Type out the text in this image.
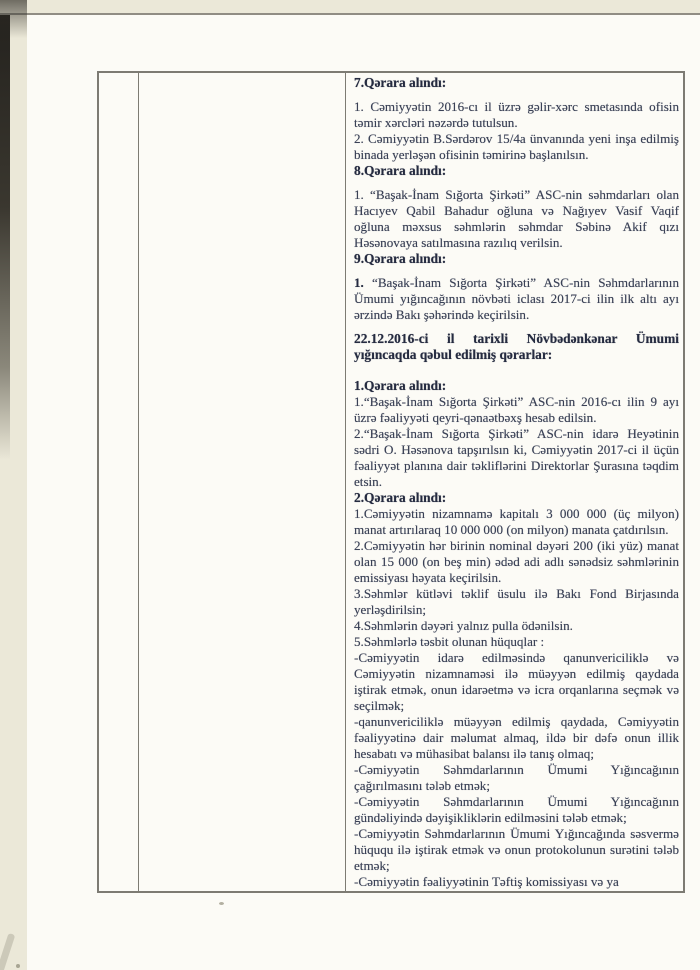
7.Qərara alındı:
1. Cəmiyyətin 2016-cı il üzrə gəlir-xərc smetasında ofisin təmir xərcləri nəzərdə tutulsun.
2. Cəmiyyətin B.Sərdərov 15/4a ünvanında yeni inşa edilmiş binada yerləşən ofisinin təmirinə başlanılsın.
8.Qərara alındı:
1. “Başak-İnam Sığorta Şirkəti” ASC-nin səhmdarları olan Hacıyev Qabil Bahadur oğluna və Nağıyev Vasif Vaqif oğluna məxsus səhmlərin səhmdar Səbinə Akif qızı Həsənovaya satılmasına razılıq verilsin.
9.Qərara alındı:
1. “Başak-İnam Sığorta Şirkəti” ASC-nin Səhmdarlarının Ümumi yığıncağının növbəti iclası 2017-ci ilin ilk altı ayı ərzində Bakı şəhərində keçirilsin.
22.12.2016-ci il tarixli Növbədənkənar Ümumi yığıncaqda qəbul edilmiş qərarlar:
1.Qərara alındı:
1.“Başak-İnam Sığorta Şirkəti” ASC-nin 2016-cı ilin 9 ayı üzrə fəaliyyəti qeyri-qənaətbəxş hesab edilsin.
2.“Başak-İnam Sığorta Şirkəti” ASC-nin idarə Heyətinin sədri O. Həsənova tapşırılsın ki, Cəmiyyətin 2017-ci il üçün fəaliyyət planına dair təkliflərini Direktorlar Şurasına təqdim etsin.
2.Qərara alındı:
1.Cəmiyyətin nizamnamə kapitalı 3 000 000 (üç milyon) manat artırılaraq 10 000 000 (on milyon) manata çatdırılsın.
2.Cəmiyyətin hər birinin nominal dəyəri 200 (iki yüz) manat olan 15 000 (on beş min) ədəd adi adlı sənədsiz səhmlərinin emissiyası həyata keçirilsin.
3.Səhmlər kütləvi təklif üsulu ilə Bakı Fond Birjasında yerləşdirilsin;
4.Səhmlərin dəyəri yalnız pulla ödənilsin.
5.Səhmlərlə təsbit olunan hüquqlar :
-Cəmiyyətin idarə edilməsində qanunvericiliklə və Cəmiyyətin nizamnaməsi ilə müəyyən edilmiş qaydada iştirak etmək, onun idarəetmə və icra orqanlarına seçmək və seçilmək;
-qanunvericiliklə müəyyən edilmiş qaydada, Cəmiyyətin fəaliyyətinə dair məlumat almaq, ildə bir dəfə onun illik hesabatı və mühasibat balansı ilə tanış olmaq;
-Cəmiyyətin Səhmdarlarının Ümumi Yığıncağının çağırılmasını tələb etmək;
-Cəmiyyətin Səhmdarlarının Ümumi Yığıncağının gündəliyində dəyişikliklərin edilməsini tələb etmək;
-Cəmiyyətin Səhmdarlarının Ümumi Yığıncağında səsvermə hüququ ilə iştirak etmək və onun protokolunun surətini tələb etmək;
-Cəmiyyətin fəaliyyətinin Təftiş komissiyası və ya
